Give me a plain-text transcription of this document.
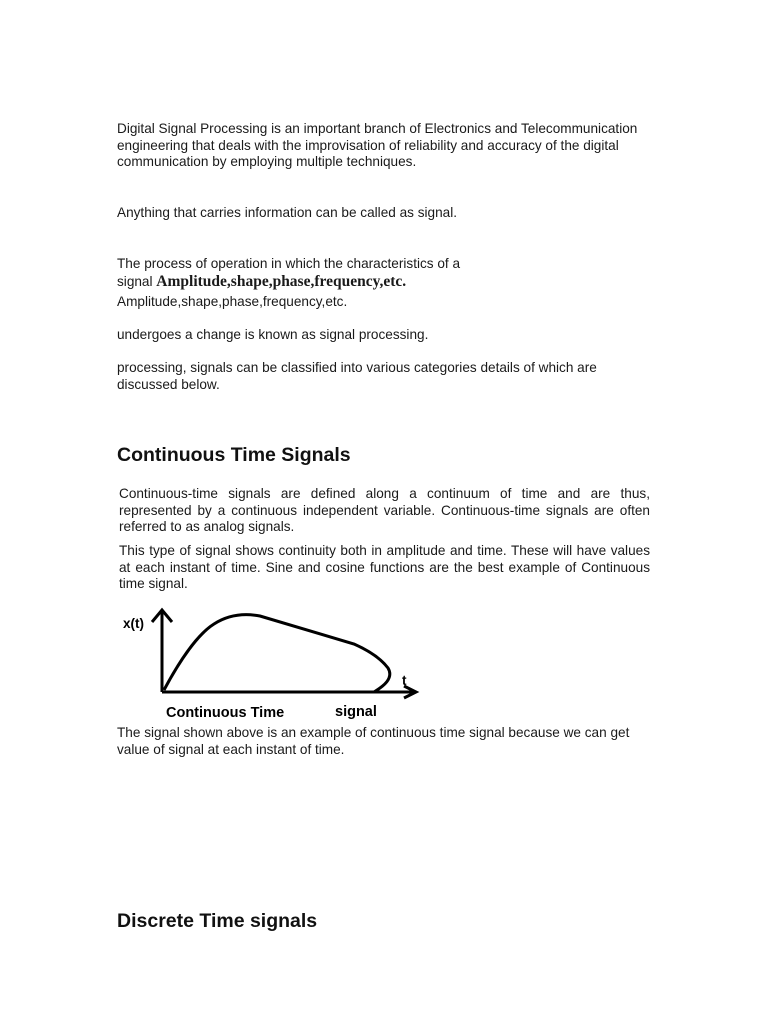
Digital Signal Processing is an important branch of Electronics and Telecommunication engineering that deals with the improvisation of reliability and accuracy of the digital communication by employing multiple techniques.

Anything that carries information can be called as signal.

The process of operation in which the characteristics of a

signal Amplitude,shape,phase,frequency,etc.

Amplitude,shape,phase,frequency,etc.

undergoes a change is known as signal processing.

processing, signals can be classified into various categories details of which are discussed below.

Continuous Time Signals

Continuous-time signals are defined along a continuum of time and are thus, represented by a continuous independent variable. Continuous-time signals are often referred to as analog signals.

This type of signal shows continuity both in amplitude and time. These will have values at each instant of time. Sine and cosine functions are the best example of Continuous time signal.

x(t)
t
Continuous Time	signal

The signal shown above is an example of continuous time signal because we can get value of signal at each instant of time.

Discrete Time signals
